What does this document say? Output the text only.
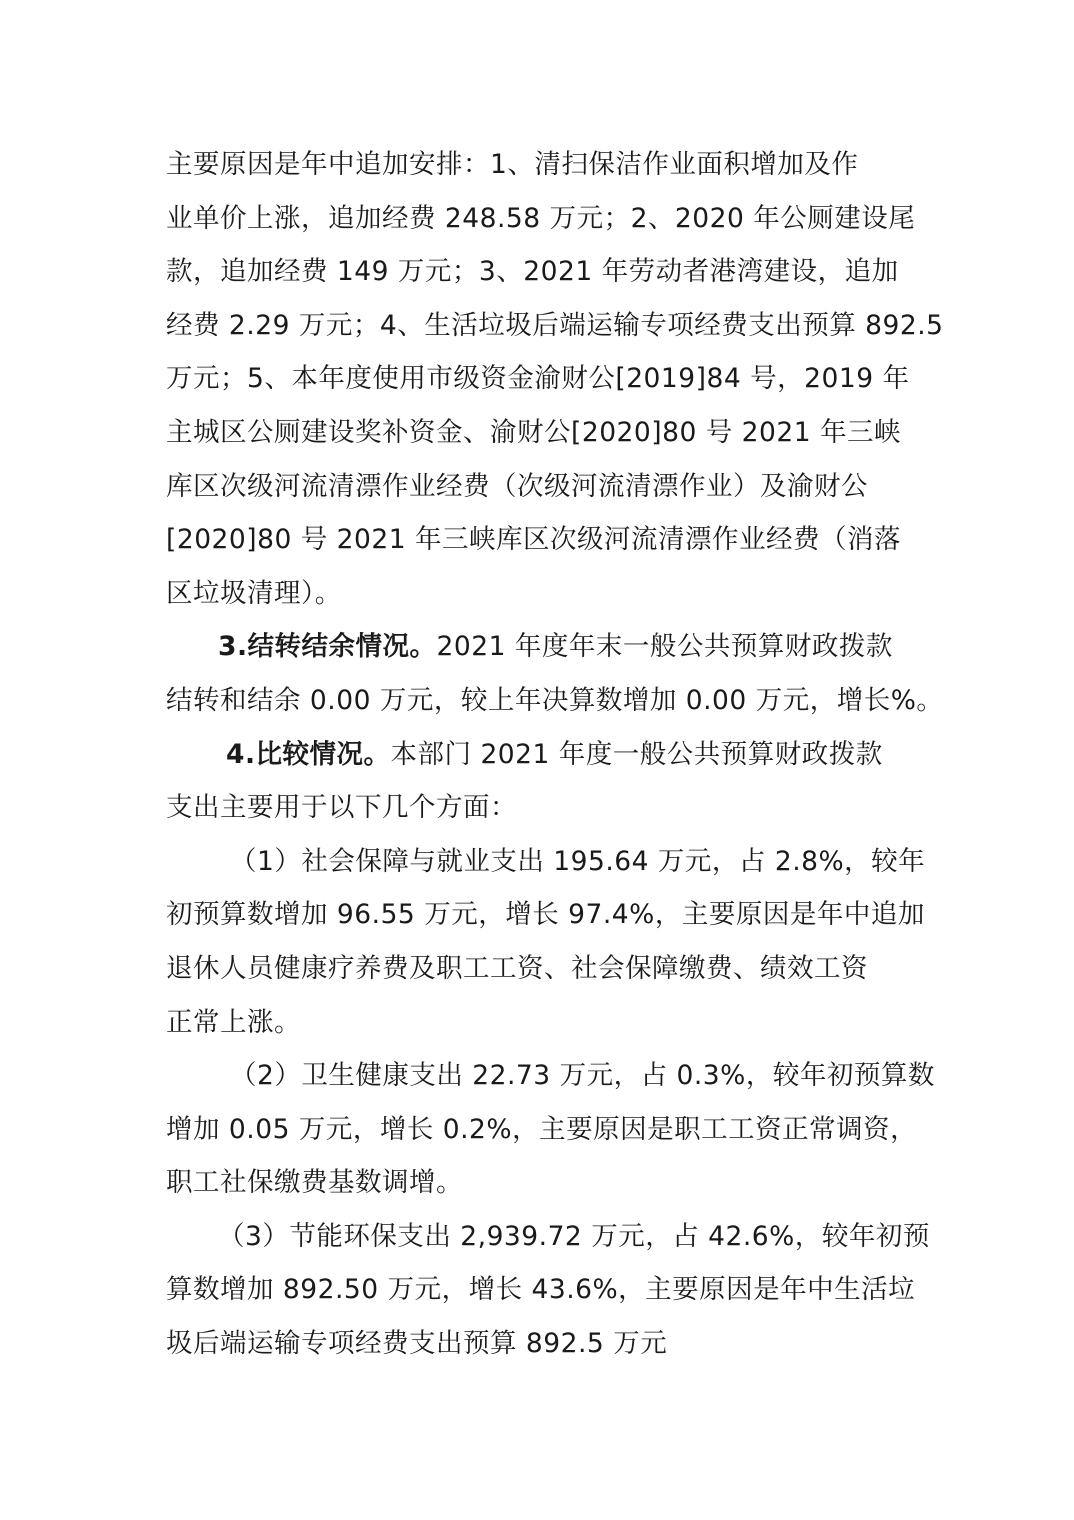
主要原因是年中追加安排：1、清扫保洁作业面积增加及作
业单价上涨，追加经费 248.58 万元；2、2020 年公厕建设尾
款，追加经费 149 万元；3、2021 年劳动者港湾建设，追加
经费 2.29 万元；4、生活垃圾后端运输专项经费支出预算 892.5
万元；5、本年度使用市级资金渝财公[2019]84 号，2019 年
主城区公厕建设奖补资金、渝财公[2020]80 号 2021 年三峡
库区次级河流清漂作业经费（次级河流清漂作业）及渝财公
[2020]80 号 2021 年三峡库区次级河流清漂作业经费（消落
区垃圾清理）。
3.结转结余情况。2021 年度年末一般公共预算财政拨款
结转和结余 0.00 万元，较上年决算数增加 0.00 万元，增长%。
4.比较情况。本部门 2021 年度一般公共预算财政拨款
支出主要用于以下几个方面：
（1）社会保障与就业支出 195.64 万元，占 2.8%，较年
初预算数增加 96.55 万元，增长 97.4%，主要原因是年中追加
退休人员健康疗养费及职工工资、社会保障缴费、绩效工资
正常上涨。
（2）卫生健康支出 22.73 万元，占 0.3%，较年初预算数
增加 0.05 万元，增长 0.2%，主要原因是职工工资正常调资，
职工社保缴费基数调增。
（3）节能环保支出 2,939.72 万元，占 42.6%，较年初预
算数增加 892.50 万元，增长 43.6%，主要原因是年中生活垃
圾后端运输专项经费支出预算 892.5 万元
